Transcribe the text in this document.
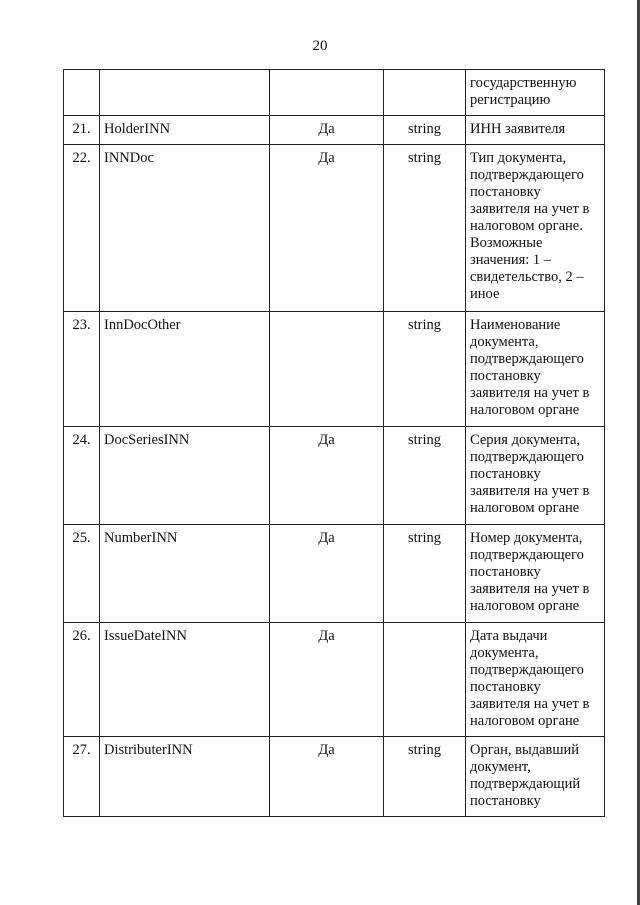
20
				государственную регистрацию
21.	HolderINN	Да	string	ИНН заявителя
22.	INNDoc	Да	string	Тип документа, подтверждающего постановку заявителя на учет в налоговом органе. Возможные значения: 1 – свидетельство, 2 – иное
23.	InnDocOther		string	Наименование документа, подтверждающего постановку заявителя на учет в налоговом органе
24.	DocSeriesINN	Да	string	Серия документа, подтверждающего постановку заявителя на учет в налоговом органе
25.	NumberINN	Да	string	Номер документа, подтверждающего постановку заявителя на учет в налоговом органе
26.	IssueDateINN	Да		Дата выдачи документа, подтверждающего постановку заявителя на учет в налоговом органе
27.	DistributerINN	Да	string	Орган, выдавший документ, подтверждающий постановку
